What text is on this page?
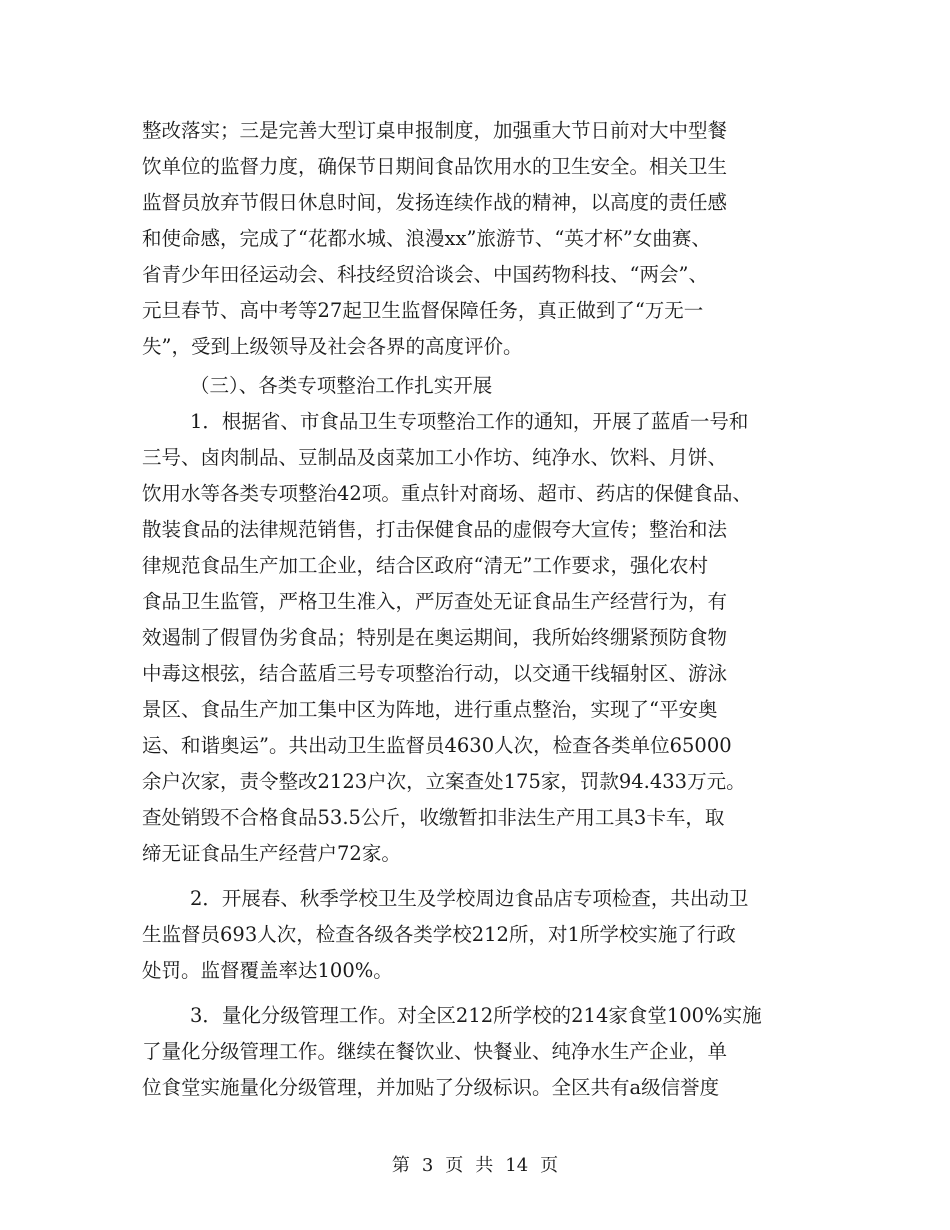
整改落实；三是完善大型订桌申报制度，加强重大节日前对大中型餐
饮单位的监督力度，确保节日期间食品饮用水的卫生安全。相关卫生
监督员放弃节假日休息时间，发扬连续作战的精神，以高度的责任感
和使命感，完成了“花都水城、浪漫xx”旅游节、“英才杯”女曲赛、
省青少年田径运动会、科技经贸洽谈会、中国药物科技、“两会”、
元旦春节、高中考等27起卫生监督保障任务，真正做到了“万无一
失”，受到上级领导及社会各界的高度评价。
（三）、各类专项整治工作扎实开展
1．根据省、市食品卫生专项整治工作的通知，开展了蓝盾一号和
三号、卤肉制品、豆制品及卤菜加工小作坊、纯净水、饮料、月饼、
饮用水等各类专项整治42项。重点针对商场、超市、药店的保健食品、
散装食品的法律规范销售，打击保健食品的虚假夸大宣传；整治和法
律规范食品生产加工企业，结合区政府“清无”工作要求，强化农村
食品卫生监管，严格卫生准入，严厉查处无证食品生产经营行为，有
效遏制了假冒伪劣食品；特别是在奥运期间，我所始终绷紧预防食物
中毒这根弦，结合蓝盾三号专项整治行动，以交通干线辐射区、游泳
景区、食品生产加工集中区为阵地，进行重点整治，实现了“平安奥
运、和谐奥运”。共出动卫生监督员4630人次，检查各类单位65000
余户次家，责令整改2123户次，立案查处175家，罚款94.433万元。
查处销毁不合格食品53.5公斤，收缴暂扣非法生产用工具3卡车，取
缔无证食品生产经营户72家。
2．开展春、秋季学校卫生及学校周边食品店专项检查，共出动卫
生监督员693人次，检查各级各类学校212所，对1所学校实施了行政
处罚。监督覆盖率达100%。
3．量化分级管理工作。对全区212所学校的214家食堂100%实施
了量化分级管理工作。继续在餐饮业、快餐业、纯净水生产企业，单
位食堂实施量化分级管理，并加贴了分级标识。全区共有a级信誉度
第 3 页 共 14 页
